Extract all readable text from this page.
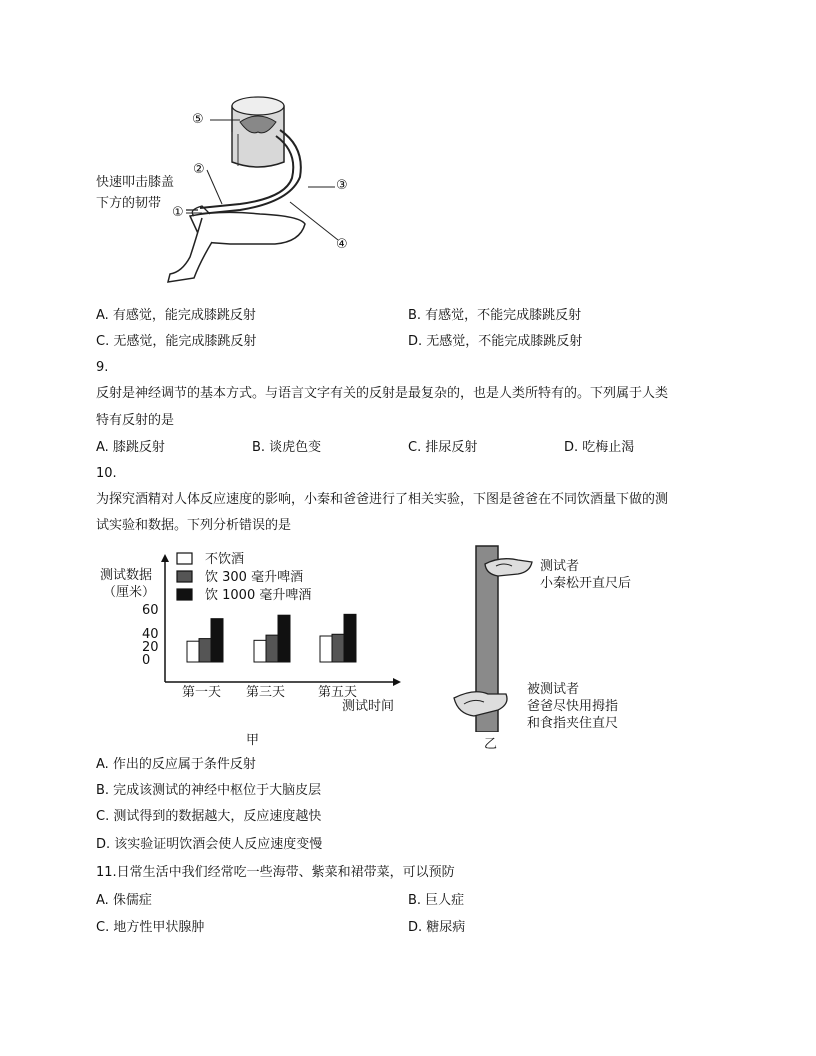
⑤
②
③
①
④
快速叩击膝盖
下方的韧带
A. 有感觉，能完成膝跳反射	B. 有感觉，不能完成膝跳反射
C. 无感觉，能完成膝跳反射	D. 无感觉，不能完成膝跳反射
9.
反射是神经调节的基本方式。与语言文字有关的反射是最复杂的，也是人类所特有的。下列属于人类
特有反射的是
A. 膝跳反射	B. 谈虎色变	C. 排尿反射	D. 吃梅止渴
10.
为探究酒精对人体反应速度的影响，小秦和爸爸进行了相关实验，下图是爸爸在不同饮酒量下做的测
试实验和数据。下列分析错误的是
不饮酒
饮 300 毫升啤酒
饮 1000 毫升啤酒
测试数据
（厘米）
60
40
20
0
第一天 第三天	第五天
测试时间
甲
测试者
小秦松开直尺后
被测试者
爸爸尽快用拇指
和食指夹住直尺
乙
A. 作出的反应属于条件反射
B. 完成该测试的神经中枢位于大脑皮层
C. 测试得到的数据越大，反应速度越快
D. 该实验证明饮酒会使人反应速度变慢
11.日常生活中我们经常吃一些海带、紫菜和裙带菜，可以预防
A. 侏儒症	B. 巨人症
C. 地方性甲状腺肿	D. 糖尿病
